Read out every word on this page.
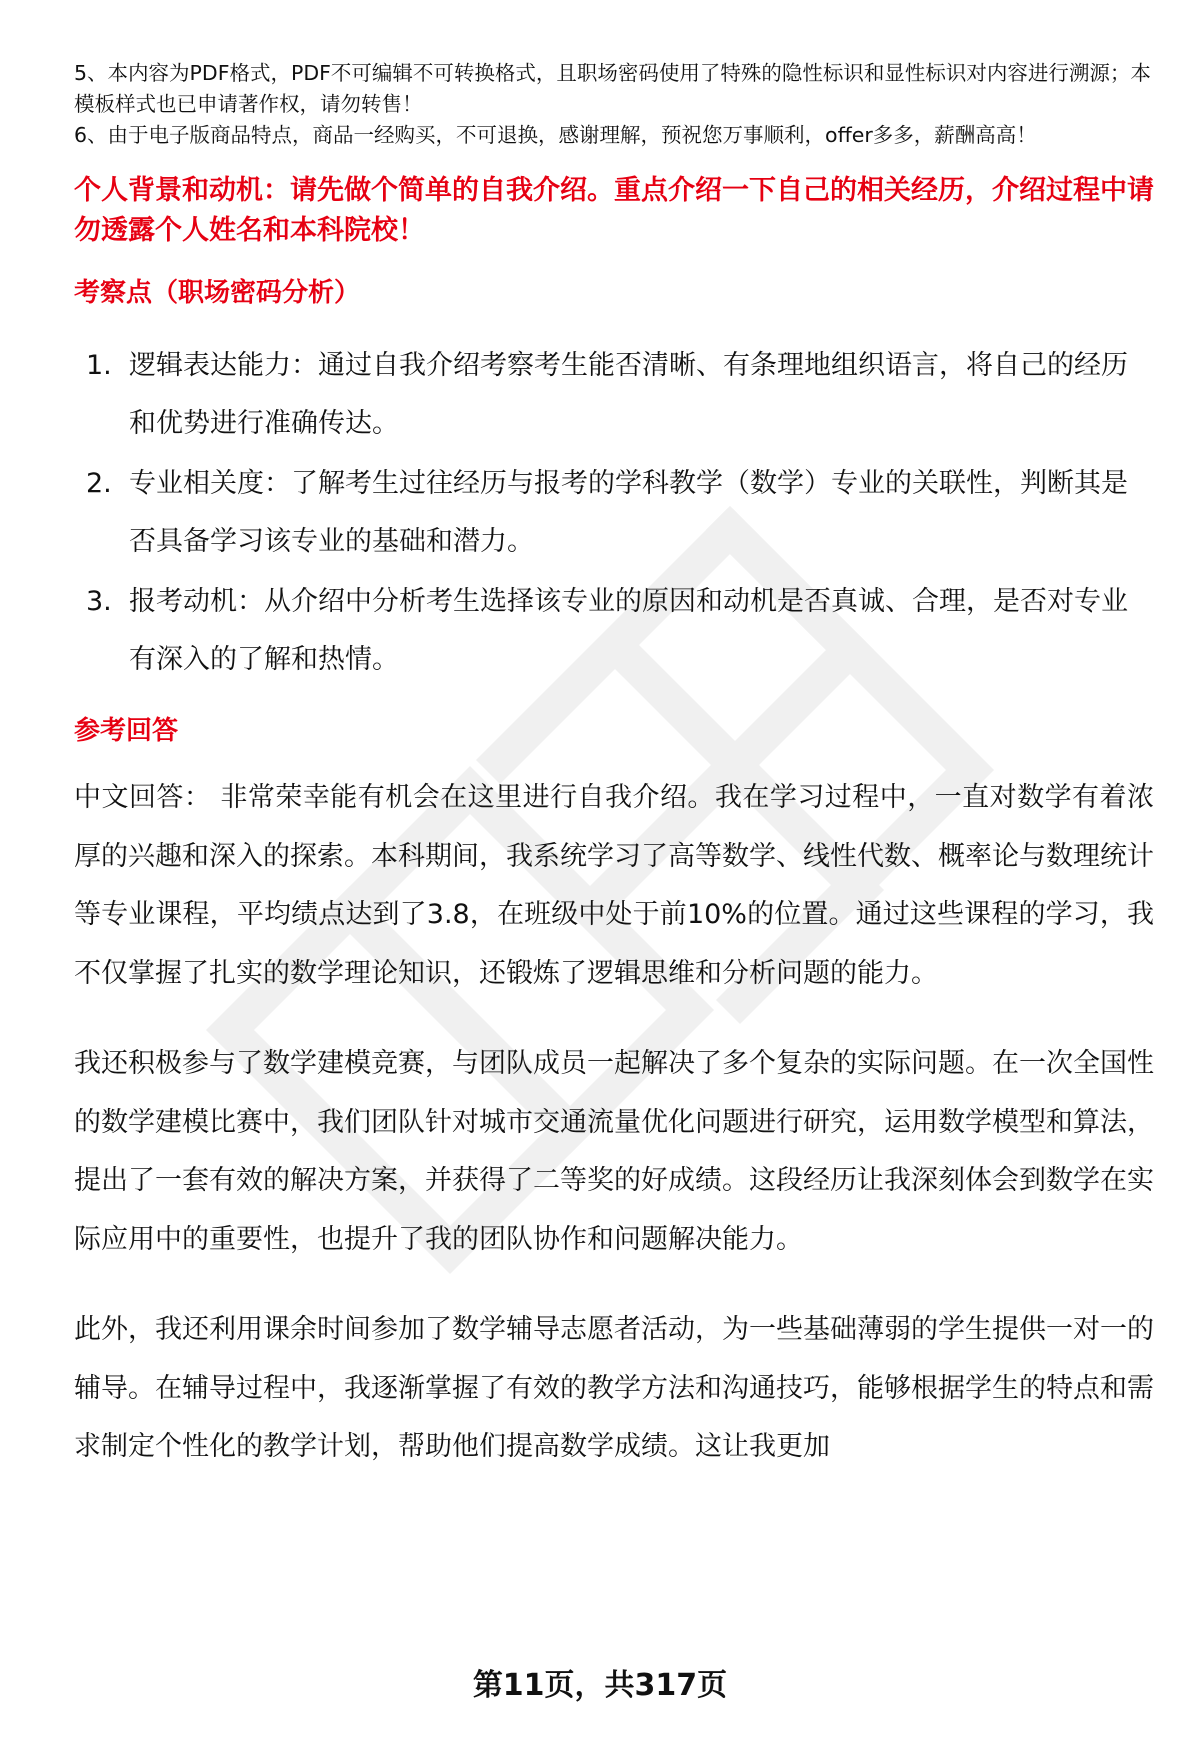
5、本内容为PDF格式，PDF不可编辑不可转换格式，且职场密码使用了特殊的隐性标识和显性标识对内容进行溯源；本模板样式也已申请著作权，请勿转售！

6、由于电子版商品特点，商品一经购买，不可退换，感谢理解，预祝您万事顺利，offer多多，薪酬高高！

个人背景和动机：请先做个简单的自我介绍。重点介绍一下自己的相关经历，介绍过程中请勿透露个人姓名和本科院校！

考察点（职场密码分析）

1. 逻辑表达能力：通过自我介绍考察考生能否清晰、有条理地组织语言，将自己的经历和优势进行准确传达。
2. 专业相关度：了解考生过往经历与报考的学科教学（数学）专业的关联性，判断其是否具备学习该专业的基础和潜力。
3. 报考动机：从介绍中分析考生选择该专业的原因和动机是否真诚、合理，是否对专业有深入的了解和热情。

参考回答

中文回答： 非常荣幸能有机会在这里进行自我介绍。我在学习过程中，一直对数学有着浓厚的兴趣和深入的探索。本科期间，我系统学习了高等数学、线性代数、概率论与数理统计等专业课程，平均绩点达到了3.8，在班级中处于前10%的位置。通过这些课程的学习，我不仅掌握了扎实的数学理论知识，还锻炼了逻辑思维和分析问题的能力。

我还积极参与了数学建模竞赛，与团队成员一起解决了多个复杂的实际问题。在一次全国性的数学建模比赛中，我们团队针对城市交通流量优化问题进行研究，运用数学模型和算法，提出了一套有效的解决方案，并获得了二等奖的好成绩。这段经历让我深刻体会到数学在实际应用中的重要性，也提升了我的团队协作和问题解决能力。

此外，我还利用课余时间参加了数学辅导志愿者活动，为一些基础薄弱的学生提供一对一的辅导。在辅导过程中，我逐渐掌握了有效的教学方法和沟通技巧，能够根据学生的特点和需求制定个性化的教学计划，帮助他们提高数学成绩。这让我更加

第11页，共317页
